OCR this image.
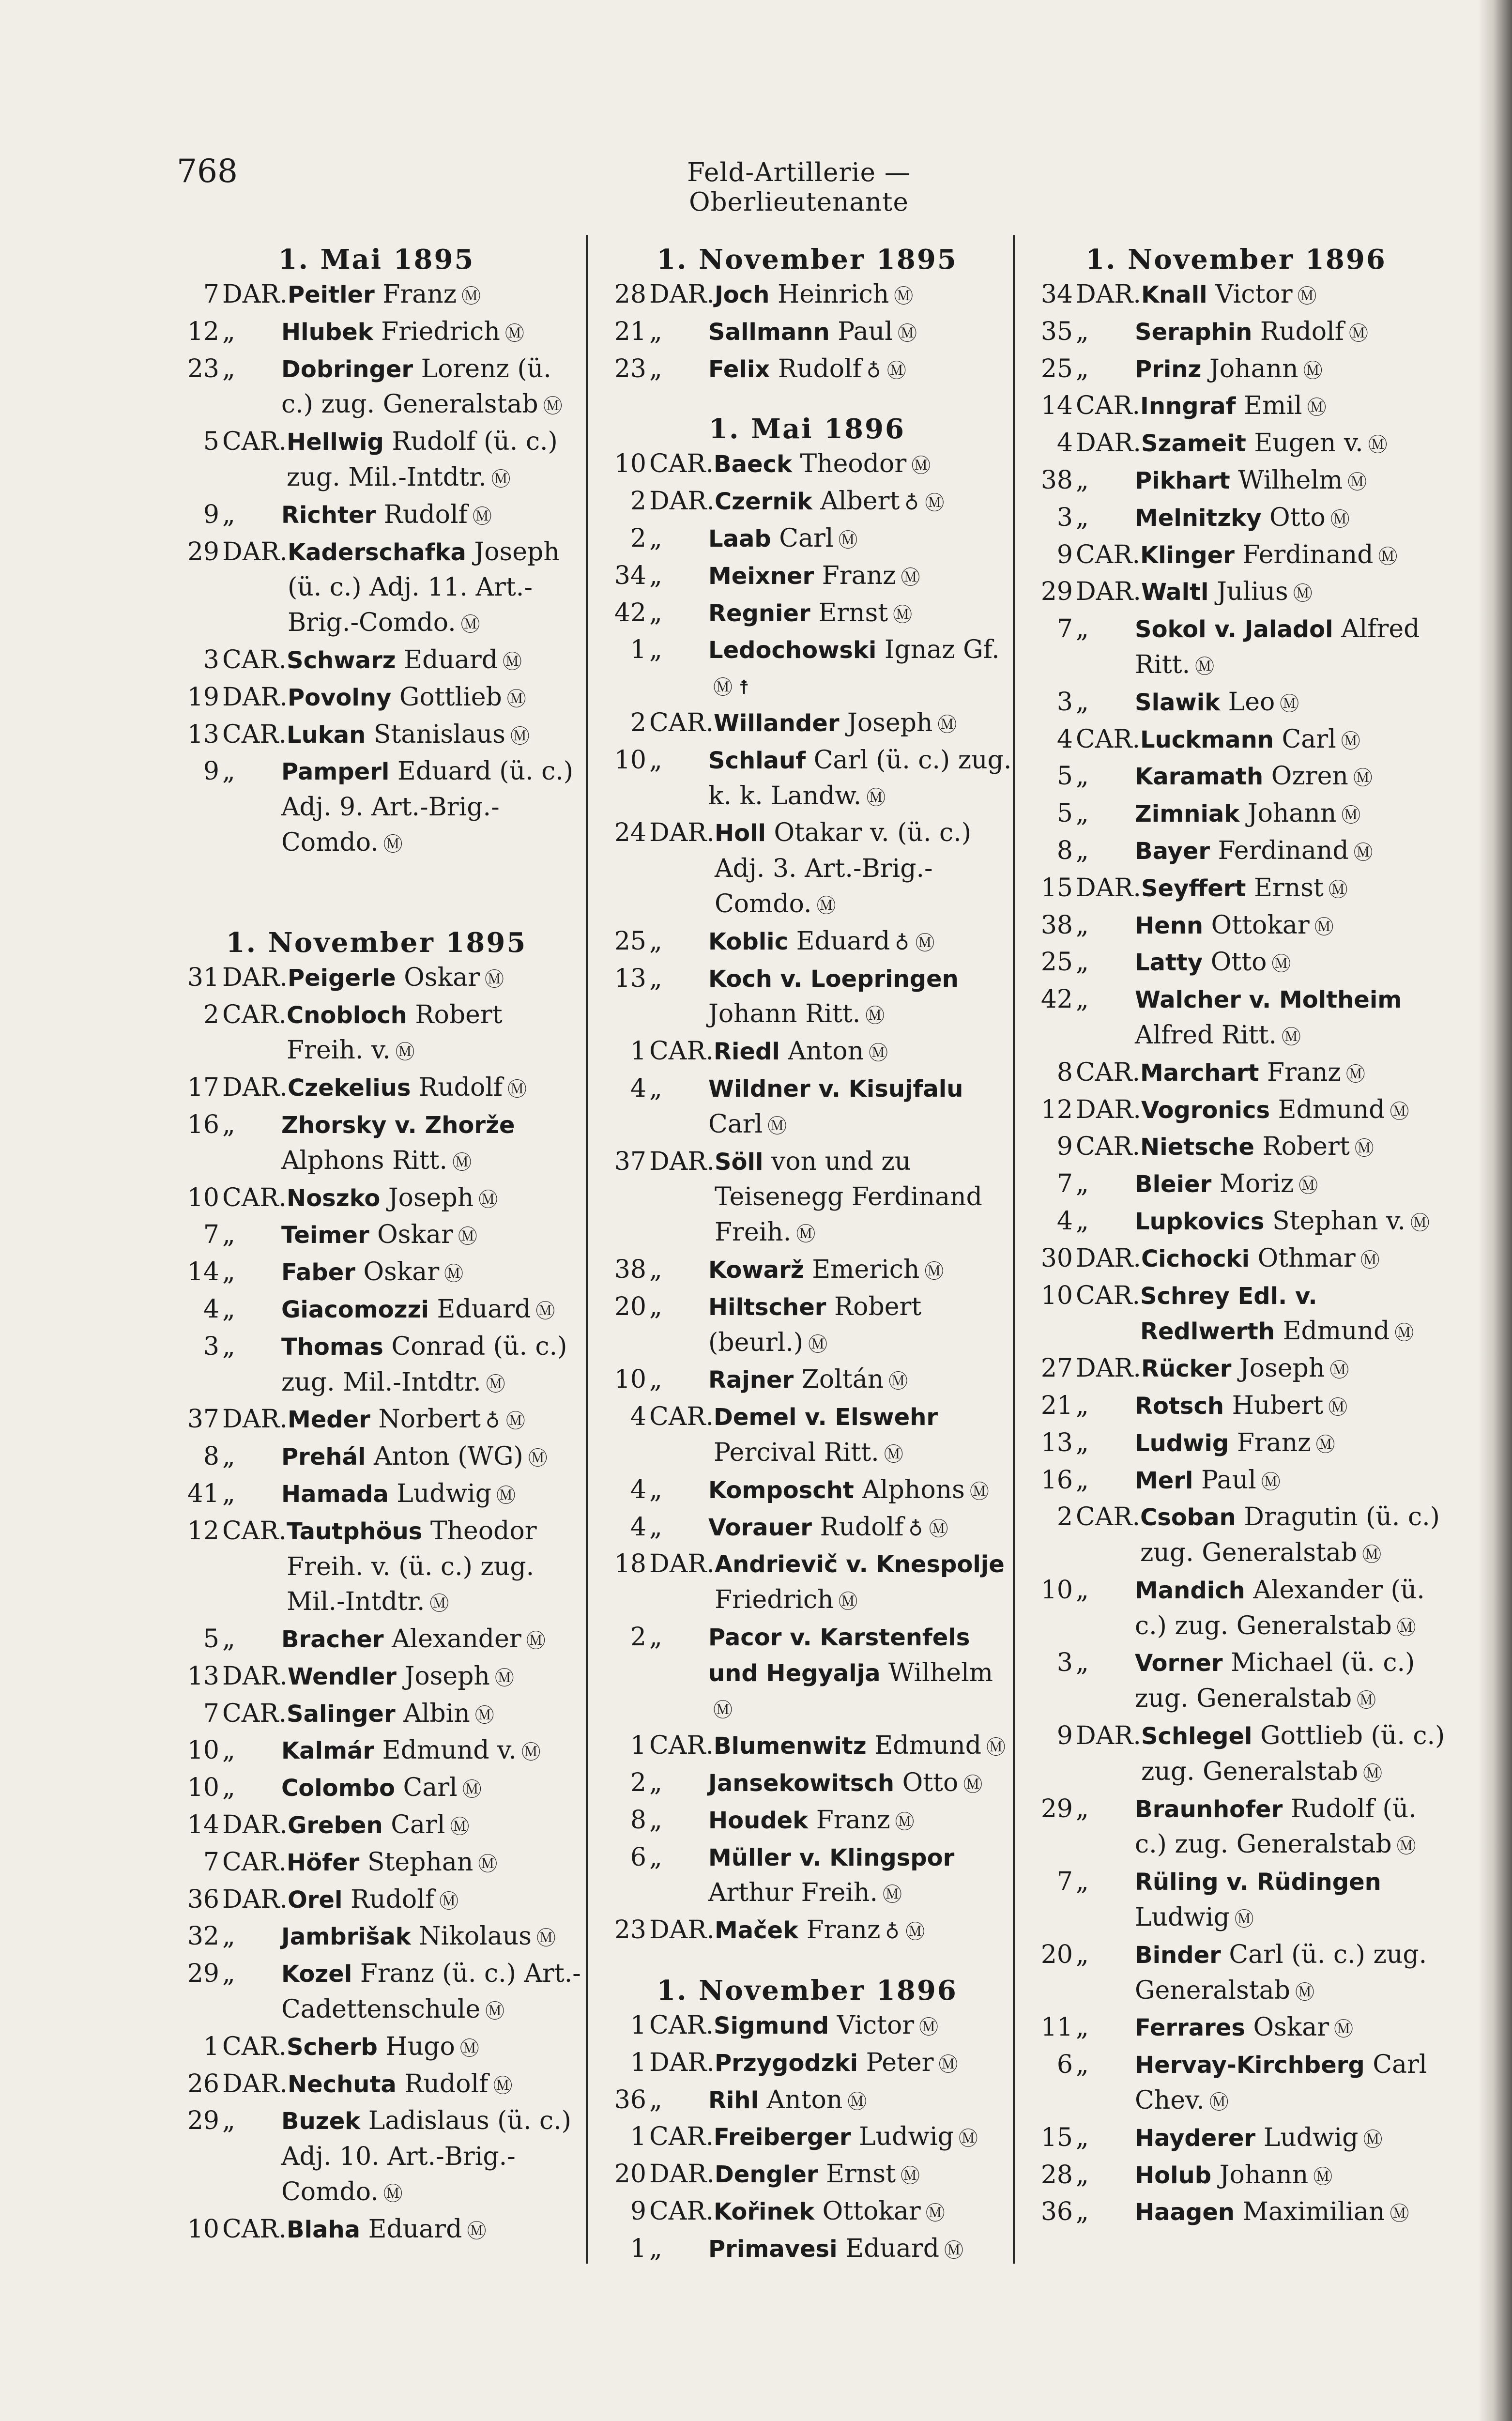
768	Feld-Artillerie — Oberlieutenante
1. Mai 1895
7 DAR. Peitler Franz Ⓜ
12 „	Hlubek Friedrich Ⓜ
23 „	Dobringer Lorenz (ü. c.) zug. Generalstab Ⓜ
5 CAR. Hellwig Rudolf (ü. c.) zug. Mil.-Intdtr. Ⓜ
9 „	Richter Rudolf Ⓜ
29 DAR. Kaderschafka Joseph (ü. c.) Adj. 11. Art.-Brig.-Comdo. Ⓜ
3 CAR. Schwarz Eduard Ⓜ
19 DAR. Povolny Gottlieb Ⓜ
13 CAR. Lukan Stanislaus Ⓜ
9 „	Pamperl Eduard (ü. c.) Adj. 9. Art.-Brig.-Comdo. Ⓜ
1. November 1895
31 DAR. Peigerle Oskar Ⓜ
2 CAR. Cnobloch Robert Freih. v. Ⓜ
17 DAR. Czekelius Rudolf Ⓜ
16 „	Zhorsky v. Zhorže Alphons Ritt. Ⓜ
10 CAR. Noszko Joseph Ⓜ
7 „	Teimer Oskar Ⓜ
14 „	Faber Oskar Ⓜ
4 „	Giacomozzi Eduard Ⓜ
3 „	Thomas Conrad (ü. c.) zug. Mil.-Intdtr. Ⓜ
37 DAR. Meder Norbert ♁ Ⓜ
8 „	Prehál Anton (WG) Ⓜ
41 „	Hamada Ludwig Ⓜ
12 CAR. Tautphöus Theodor Freih. v. (ü. c.) zug. Mil.-Intdtr. Ⓜ
5 „	Bracher Alexander Ⓜ
13 DAR. Wendler Joseph Ⓜ
7 CAR. Salinger Albin Ⓜ
10 „	Kalmár Edmund v. Ⓜ
10 „	Colombo Carl Ⓜ
14 DAR. Greben Carl Ⓜ
7 CAR. Höfer Stephan Ⓜ
36 DAR. Orel Rudolf Ⓜ
32 „	Jambrišak Nikolaus Ⓜ
29 „	Kozel Franz (ü. c.) Art.-Cadettenschule Ⓜ
1 CAR. Scherb Hugo Ⓜ
26 DAR. Nechuta Rudolf Ⓜ
29 „	Buzek Ladislaus (ü. c.) Adj. 10. Art.-Brig.-Comdo. Ⓜ
10 CAR. Blaha Eduard Ⓜ
1. November 1895
28 DAR. Joch Heinrich Ⓜ
21 „	Sallmann Paul Ⓜ
23 „	Felix Rudolf ♁ Ⓜ
1. Mai 1896
10 CAR. Baeck Theodor Ⓜ
2 DAR. Czernik Albert ♁ Ⓜ
2 „	Laab Carl Ⓜ
34 „	Meixner Franz Ⓜ
42 „	Regnier Ernst Ⓜ
1 „	Ledochowski Ignaz Gf.Ⓜ ☨
2 CAR. Willander Joseph Ⓜ
10 „	Schlauf Carl (ü. c.) zug. k. k. Landw. Ⓜ
24 DAR. Holl Otakar v. (ü. c.) Adj. 3. Art.-Brig.-Comdo. Ⓜ
25 „	Koblic Eduard ♁ Ⓜ
13 „	Koch v. Loepringen Johann Ritt. Ⓜ
1 CAR. Riedl Anton Ⓜ
4 „	Wildner v. Kisujfalu Carl Ⓜ
37 DAR. Söll von und zu Teisenegg Ferdinand Freih. Ⓜ
38 „	Kowarž Emerich Ⓜ
20 „	Hiltscher Robert (beurl.) Ⓜ
10 „	Rajner Zoltán Ⓜ
4 CAR. Demel v. Elswehr Percival Ritt. Ⓜ
4 „	Komposcht Alphons Ⓜ
4 „	Vorauer Rudolf ♁ Ⓜ
18 DAR. Andrievič v. Knespolje Friedrich Ⓜ
2 „	Pacor v. Karstenfels und Hegyalja WilhelmⓂ
1 CAR. Blumenwitz Edmund Ⓜ
2 „	Jansekowitsch Otto Ⓜ
8 „	Houdek Franz Ⓜ
6 „	Müller v. Klingspor Arthur Freih. Ⓜ
23 DAR. Maček Franz ♁ Ⓜ
1. November 1896
1 CAR. Sigmund Victor Ⓜ
1 DAR. Przygodzki Peter Ⓜ
36 „	Rihl Anton Ⓜ
1 CAR. Freiberger Ludwig Ⓜ
20 DAR. Dengler Ernst Ⓜ
9 CAR. Kořinek Ottokar Ⓜ
1 „	Primavesi Eduard Ⓜ
1. November 1896
34 DAR. Knall Victor Ⓜ
35 „	Seraphin Rudolf Ⓜ
25 „	Prinz Johann Ⓜ
14 CAR. Inngraf Emil Ⓜ
4 DAR. Szameit Eugen v. Ⓜ
38 „	Pikhart Wilhelm Ⓜ
3 „	Melnitzky Otto Ⓜ
9 CAR. Klinger Ferdinand Ⓜ
29 DAR. Waltl Julius Ⓜ
7 „	Sokol v. Jaladol Alfred Ritt. Ⓜ
3 „	Slawik Leo Ⓜ
4 CAR. Luckmann Carl Ⓜ
5 „	Karamath Ozren Ⓜ
5 „	Zimniak Johann Ⓜ
8 „	Bayer Ferdinand Ⓜ
15 DAR. Seyffert Ernst Ⓜ
38 „	Henn Ottokar Ⓜ
25 „	Latty Otto Ⓜ
42 „	Walcher v. Moltheim Alfred Ritt. Ⓜ
8 CAR. Marchart Franz Ⓜ
12 DAR. Vogronics Edmund Ⓜ
9 CAR. Nietsche Robert Ⓜ
7 „	Bleier Moriz Ⓜ
4 „	Lupkovics Stephan v. Ⓜ
30 DAR. Cichocki Othmar Ⓜ
10 CAR. Schrey Edl. v. Redlwerth Edmund Ⓜ
27 DAR. Rücker Joseph Ⓜ
21 „	Rotsch Hubert Ⓜ
13 „	Ludwig Franz Ⓜ
16 „	Merl Paul Ⓜ
2 CAR. Csoban Dragutin (ü. c.) zug. Generalstab Ⓜ
10 „	Mandich Alexander (ü. c.) zug. Generalstab Ⓜ
3 „	Vorner Michael (ü. c.) zug. Generalstab Ⓜ
9 DAR. Schlegel Gottlieb (ü. c.) zug. Generalstab Ⓜ
29 „	Braunhofer Rudolf (ü. c.) zug. Generalstab Ⓜ
7 „	Rüling v. Rüdingen Ludwig Ⓜ
20 „	Binder Carl (ü. c.) zug. Generalstab Ⓜ
11 „	Ferrares Oskar Ⓜ
6 „	Hervay-Kirchberg Carl Chev. Ⓜ
15 „	Hayderer Ludwig Ⓜ
28 „	Holub Johann Ⓜ
36 „	Haagen Maximilian Ⓜ
